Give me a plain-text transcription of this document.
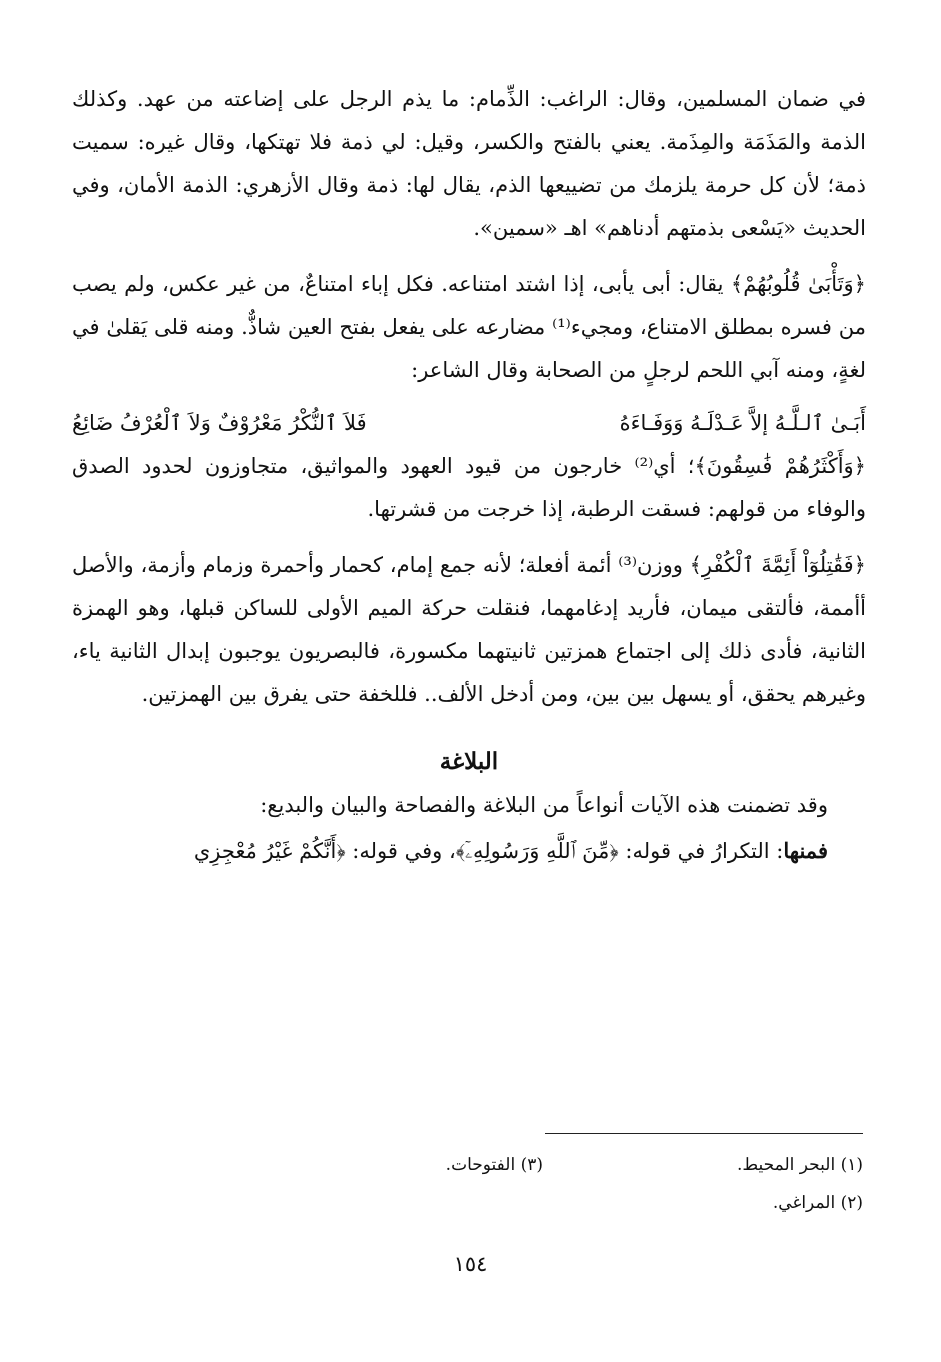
في ضمان المسلمين، وقال: الراغب: الذِّمام: ما يذم الرجل على إضاعته من عهد. وكذلك الذمة والمَذَمَة والمِذَمة. يعني بالفتح والكسر، وقيل: لي ذمة فلا تهتكها، وقال غيره: سميت ذمة؛ لأن كل حرمة يلزمك من تضييعها الذم، يقال لها: ذمة وقال الأزهري: الذمة الأمان، وفي الحديث «يَسْعى بذمتهم أدناهم» اهـ «سمين».

﴿وَتَأْبَىٰ قُلُوبُهُمْ﴾ يقال: أبى يأبى، إذا اشتد امتناعه. فكل إباء امتناعٌ، من غير عكس، ولم يصب من فسره بمطلق الامتناع، ومجيء⁽¹⁾ مضارعه على يفعل بفتح العين شاذٌّ. ومنه قلى يَقلىٰ في لغةٍ، ومنه آبي اللحم لرجلٍ من الصحابة وقال الشاعر:

أَبَـىٰ ٱلـلَّـهُ إلاَّ عَـدْلَـهُ وَوَفَـاءَهُ
فَلاَ ٱلنُّكْرُ مَعْرُوْفٌ وَلاَ ٱلْعُرْفُ ضَائِعُ

﴿وَأَكْثَرُهُمْ فَٰسِقُونَ﴾؛ أي⁽²⁾ خارجون من قيود العهود والمواثيق، متجاوزون لحدود الصدق والوفاء من قولهم: فسقت الرطبة، إذا خرجت من قشرتها.

﴿فَقَٰتِلُوٓاْ أَئِمَّةَ ٱلْكُفْرِ﴾ ووزن⁽³⁾ أئمة أفعلة؛ لأنه جمع إمام، كحمار وأحمرة وزمام وأزمة، والأصل أأممة، فألتقى ميمان، فأريد إدغامهما، فنقلت حركة الميم الأولى للساكن قبلها، وهو الهمزة الثانية، فأدى ذلك إلى اجتماع همزتين ثانيتهما مكسورة، فالبصريون يوجبون إبدال الثانية ياء، وغيرهم يحقق، أو يسهل بين بين، ومن أدخل الألف.. فللخفة حتى يفرق بين الهمزتين.

البلاغة

وقد تضمنت هذه الآيات أنواعاً من البلاغة والفصاحة والبيان والبديع:

فمنها: التكرارُ في قوله: ﴿مِّنَ ٱللَّهِ وَرَسُولِهِۦٓ﴾، وفي قوله: ﴿أَنَّكُمْ غَيْرُ مُعْجِزِي

(١) البحر المحيط.
(٣) الفتوحات.
(٢) المراغي.
١٥٤
